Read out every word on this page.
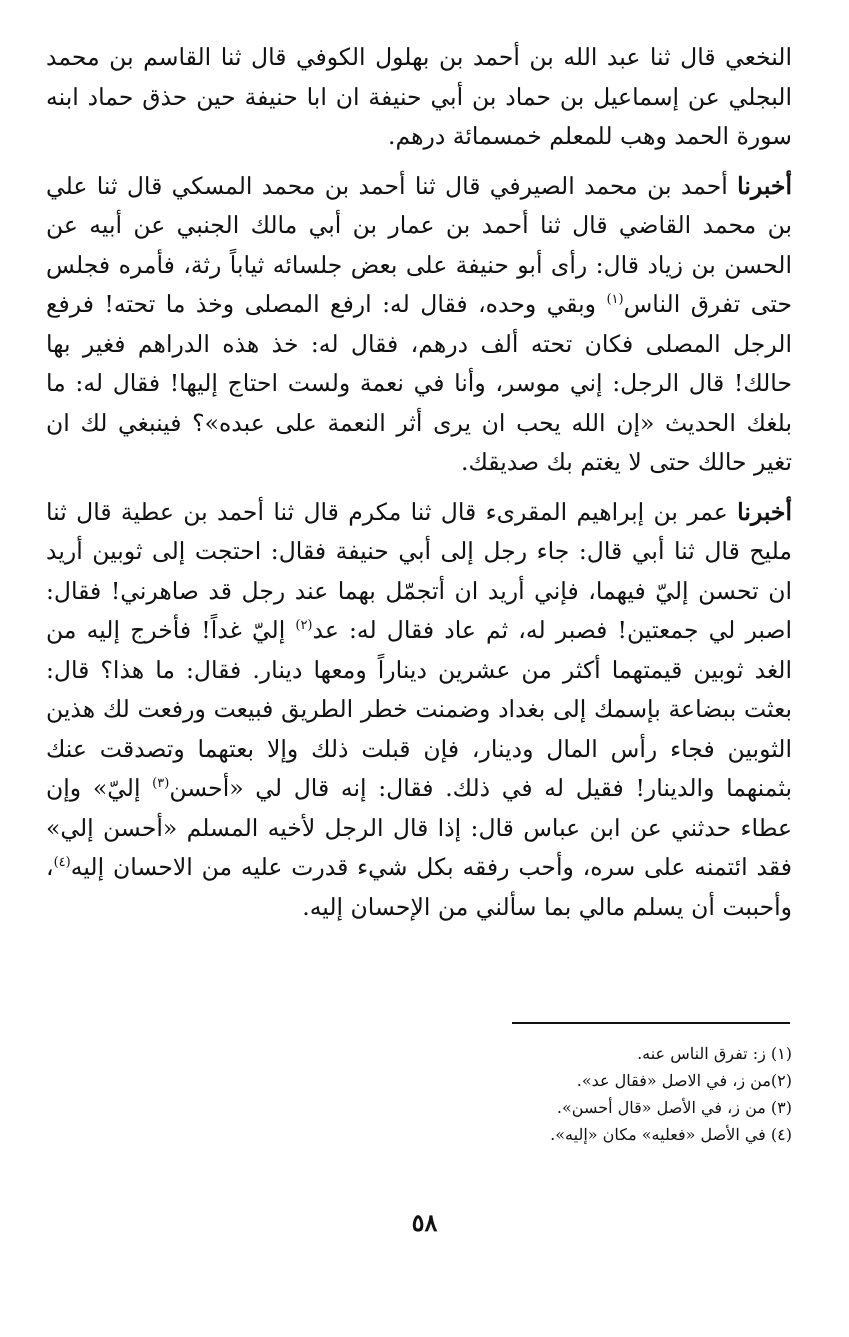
النخعي قال ثنا عبد الله بن أحمد بن بهلول الكوفي قال ثنا القاسم بن محمد البجلي عن إسماعيل بن حماد بن أبي حنيفة ان ابا حنيفة حين حذق حماد ابنه سورة الحمد وهب للمعلم خمسمائة درهم.

أخبرنا أحمد بن محمد الصيرفي قال ثنا أحمد بن محمد المسكي قال ثنا علي بن محمد القاضي قال ثنا أحمد بن عمار بن أبي مالك الجنبي عن أبيه عن الحسن بن زياد قال: رأى أبو حنيفة على بعض جلسائه ثياباً رثة، فأمره فجلس حتى تفرق الناس$^{(١)}$ وبقي وحده، فقال له: ارفع المصلى وخذ ما تحته! فرفع الرجل المصلى فكان تحته ألف درهم، فقال له: خذ هذه الدراهم فغير بها حالك! قال الرجل: إني موسر، وأنا في نعمة ولست احتاج إليها! فقال له: ما بلغك الحديث «إن الله يحب ان يرى أثر النعمة على عبده»؟ فينبغي لك ان تغير حالك حتى لا يغتم بك صديقك.

أخبرنا عمر بن إبراهيم المقرىء قال ثنا مكرم قال ثنا أحمد بن عطية قال ثنا مليح قال ثنا أبي قال: جاء رجل إلى أبي حنيفة فقال: احتجت إلى ثوبين أريد ان تحسن إليّ فيهما، فإني أريد ان أتجمّل بهما عند رجل قد صاهرني! فقال: اصبر لي جمعتين! فصبر له، ثم عاد فقال له: عد$^{(٢)}$ إليّ غداً! فأخرج إليه من الغد ثوبين قيمتهما أكثر من عشرين ديناراً ومعها دينار. فقال: ما هذا؟ قال: بعثت ببضاعة بإسمك إلى بغداد وضمنت خطر الطريق فبيعت ورفعت لك هذين الثوبين فجاء رأس المال ودينار، فإن قبلت ذلك وإلا بعتهما وتصدقت عنك بثمنهما والدينار! فقيل له في ذلك. فقال: إنه قال لي «أحسن$^{(٣)}$ إليّ» وإن عطاء حدثني عن ابن عباس قال: إذا قال الرجل لأخيه المسلم «أحسن إلي» فقد ائتمنه على سره، وأحب رفقه بكل شيء قدرت عليه من الاحسان إليه$^{(٤)}$، وأحببت أن يسلم مالي بما سألني من الإحسان إليه.

(١) ز: تفرق الناس عنه.

(٢)من ز، في الاصل «فقال عد».

(٣) من ز، في الأصل «قال أحسن».

(٤) في الأصل «فعليه» مكان «إليه».

٥٨
